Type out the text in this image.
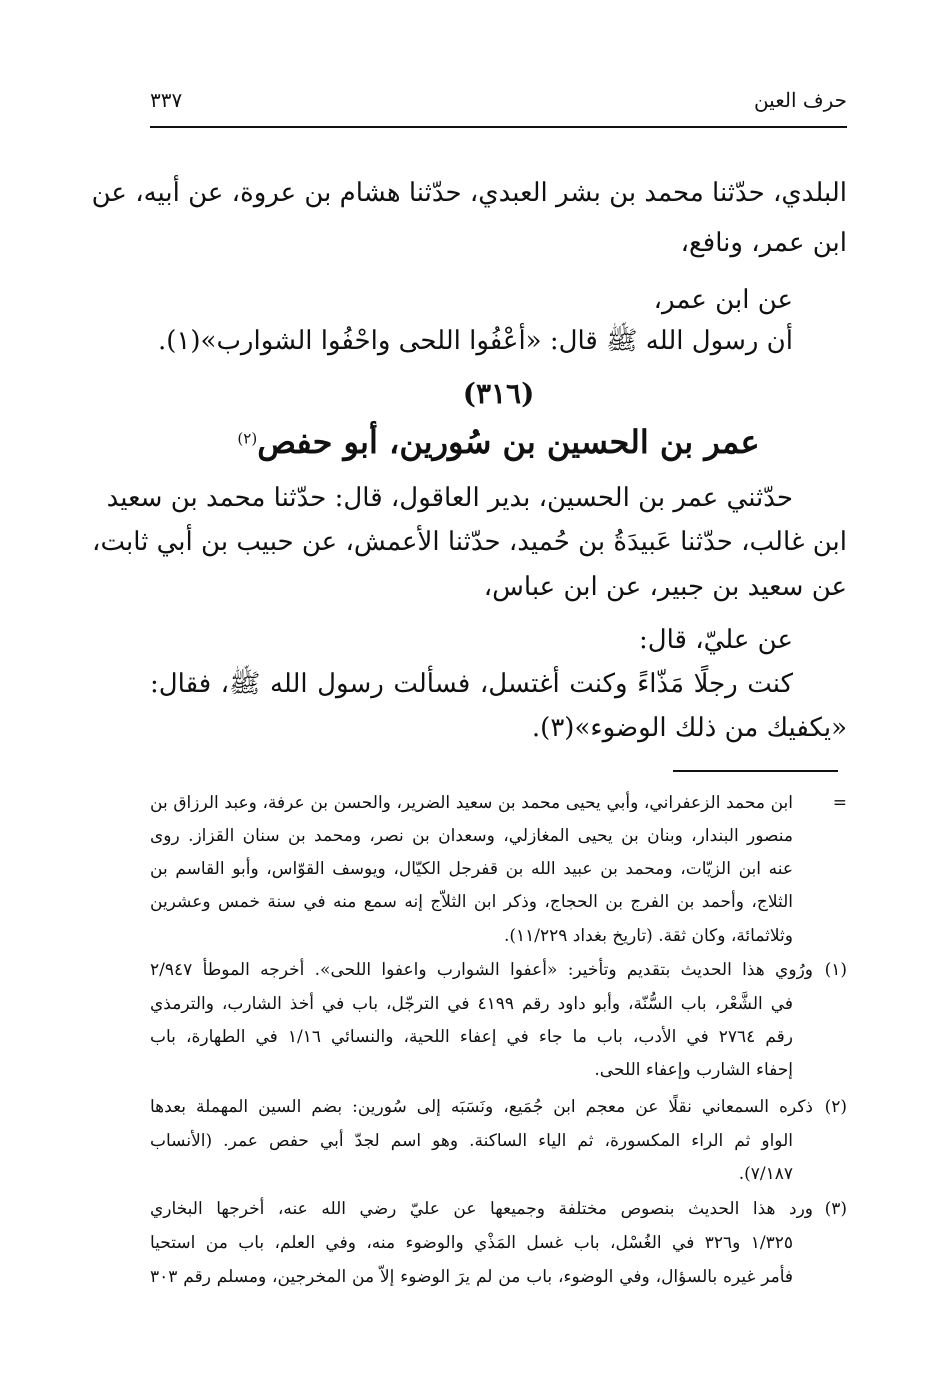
حرف العين
٣٣٧
البلدي، حدّثنا محمد بن بشر العبدي، حدّثنا هشام بن عروة، عن أبيه، عن
ابن عمر، ونافع،
عن ابن عمر،
أن رسول الله ﷺ قال: «أعْفُوا اللحى واحْفُوا الشوارب»(١).
(٣١٦)
عمر بن الحسين بن سُورين، أبو حفص$^{(٢)}$
حدّثني عمر بن الحسين، بدير العاقول، قال: حدّثنا محمد بن سعيد
ابن غالب، حدّثنا عَبيدَةُ بن حُميد، حدّثنا الأعمش، عن حبيب بن أبي ثابت،
عن سعيد بن جبير، عن ابن عباس،
عن عليّ، قال:
كنت رجلًا مَذّاءً وكنت أغتسل، فسألت رسول الله ﷺ، فقال:
«يكفيك من ذلك الوضوء»(٣).
=
ابن محمد الزعفراني، وأبي يحيى محمد بن سعيد الضرير، والحسن بن عرفة، وعبد الرزاق بن
منصور البندار، وبنان بن يحيى المغازلي، وسعدان بن نصر، ومحمد بن سنان القزاز. روى
عنه ابن الزيّات، ومحمد بن عبيد الله بن قفرجل الكيّال، ويوسف القوّاس، وأبو القاسم بن
الثلاج، وأحمد بن الفرج بن الحجاج، وذكر ابن الثلاّج إنه سمع منه في سنة خمس وعشرين
وثلاثمائة، وكان ثقة. (تاريخ بغداد ١١/٢٢٩).
(١)
ورُوي هذا الحديث بتقديم وتأخير: «أعفوا الشوارب واعفوا اللحى». أخرجه الموطأ ٢/٩٤٧
في الشَّعْر، باب السُّنّة، وأبو داود رقم ٤١٩٩ في الترجّل، باب في أخذ الشارب، والترمذي
رقم ٢٧٦٤ في الأدب، باب ما جاء في إعفاء اللحية، والنسائي ١/١٦ في الطهارة، باب
إحفاء الشارب وإعفاء اللحى.
(٢)
ذكره السمعاني نقلًا عن معجم ابن جُمَيع، ونَسَبَه إلى سُورين: بضم السين المهملة بعدها
الواو ثم الراء المكسورة، ثم الياء الساكنة. وهو اسم لجدّ أبي حفص عمر. (الأنساب
٧/١٨٧).
(٣)
ورد هذا الحديث بنصوص مختلفة وجميعها عن عليّ رضي الله عنه، أخرجها البخاري
١/٣٢٥ و٣٢٦ في الغُسْل، باب غسل المَذْي والوضوء منه، وفي العلم، باب من استحيا
فأمر غيره بالسؤال، وفي الوضوء، باب من لم يرَ الوضوء إلاّ من المخرجين، ومسلم رقم ٣٠٣
